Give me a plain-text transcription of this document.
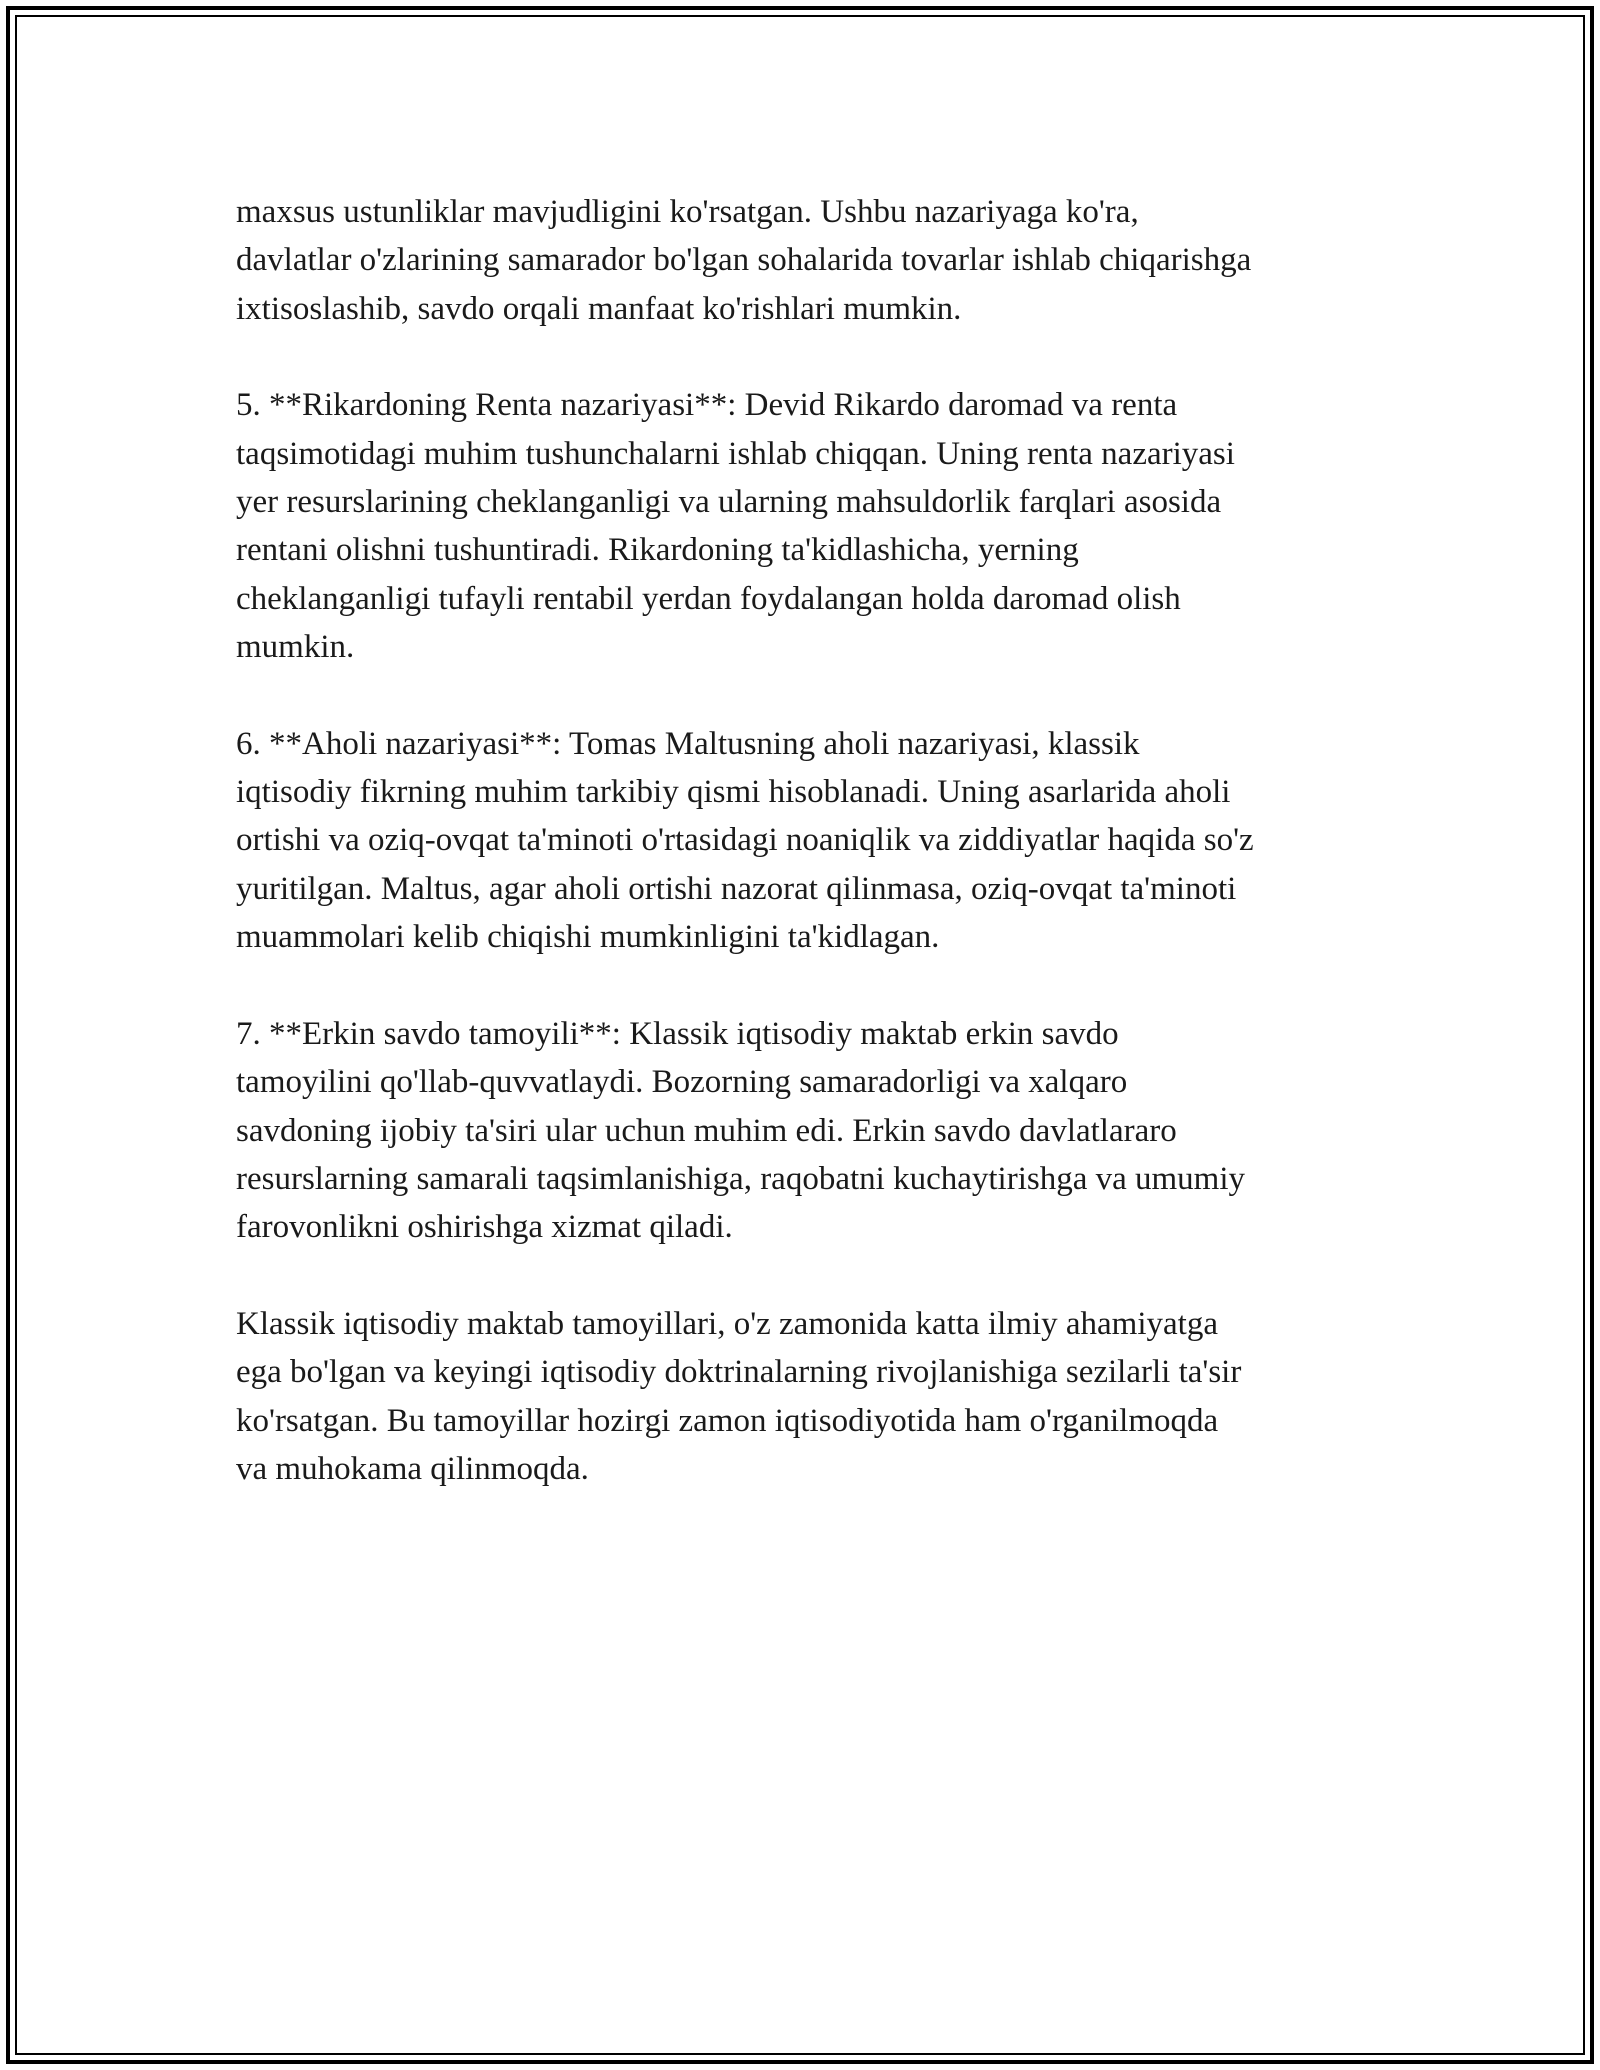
maxsus ustunliklar mavjudligini ko'rsatgan. Ushbu nazariyaga ko'ra,
davlatlar o'zlarining samarador bo'lgan sohalarida tovarlar ishlab chiqarishga
ixtisoslashib, savdo orqali manfaat ko'rishlari mumkin.

5. **Rikardoning Renta nazariyasi**: Devid Rikardo daromad va renta
taqsimotidagi muhim tushunchalarni ishlab chiqqan. Uning renta nazariyasi
yer resurslarining cheklanganligi va ularning mahsuldorlik farqlari asosida
rentani olishni tushuntiradi. Rikardoning ta'kidlashicha, yerning
cheklanganligi tufayli rentabil yerdan foydalangan holda daromad olish
mumkin.

6. **Aholi nazariyasi**: Tomas Maltusning aholi nazariyasi, klassik
iqtisodiy fikrning muhim tarkibiy qismi hisoblanadi. Uning asarlarida aholi
ortishi va oziq-ovqat ta'minoti o'rtasidagi noaniqlik va ziddiyatlar haqida so'z
yuritilgan. Maltus, agar aholi ortishi nazorat qilinmasa, oziq-ovqat ta'minoti
muammolari kelib chiqishi mumkinligini ta'kidlagan.

7. **Erkin savdo tamoyili**: Klassik iqtisodiy maktab erkin savdo
tamoyilini qo'llab-quvvatlaydi. Bozorning samaradorligi va xalqaro
savdoning ijobiy ta'siri ular uchun muhim edi. Erkin savdo davlatlararo
resurslarning samarali taqsimlanishiga, raqobatni kuchaytirishga va umumiy
farovonlikni oshirishga xizmat qiladi.

Klassik iqtisodiy maktab tamoyillari, o'z zamonida katta ilmiy ahamiyatga
ega bo'lgan va keyingi iqtisodiy doktrinalarning rivojlanishiga sezilarli ta'sir
ko'rsatgan. Bu tamoyillar hozirgi zamon iqtisodiyotida ham o'rganilmoqda
va muhokama qilinmoqda.
